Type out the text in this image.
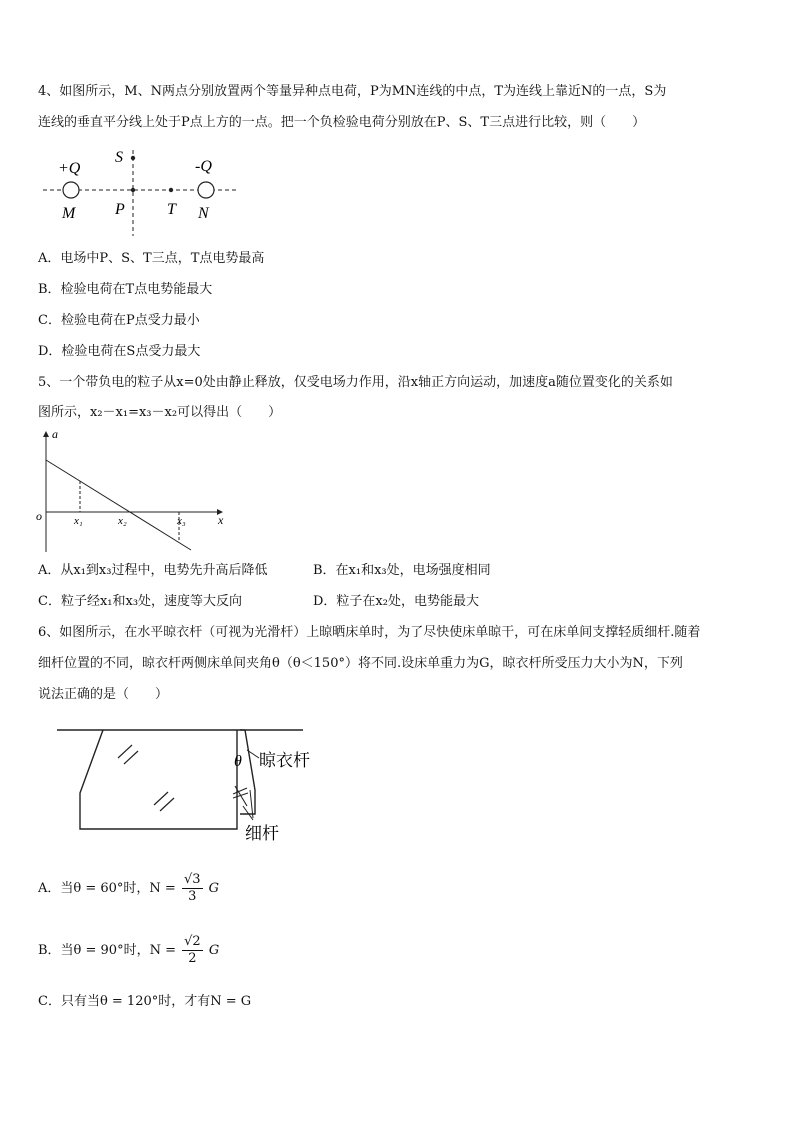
4、如图所示，M、N两点分别放置两个等量异种点电荷，P为MN连线的中点，T为连线上靠近N的一点，S为
连线的垂直平分线上处于P点上方的一点。把一个负检验电荷分别放在P、S、T三点进行比较，则（　　）
+Q	-Q
S
M P	T N
A．电场中P、S、T三点，T点电势最高
B．检验电荷在T点电势能最大
C．检验电荷在P点受力最小
D．检验电荷在S点受力最大
5、一个带负电的粒子从x=0处由静止释放，仅受电场力作用，沿x轴正方向运动，加速度a随位置变化的关系如
图所示，x₂－x₁=x₃－x₂可以得出（　　）
a
o	x
x₁	x₂	x₃
A．从x₁到x₃过程中，电势先升高后降低	B．在x₁和x₃处，电场强度相同
C．粒子经x₁和x₃处，速度等大反向	D．粒子在x₂处，电势能最大
6、如图所示，在水平晾衣杆（可视为光滑杆）上晾晒床单时，为了尽快使床单晾干，可在床单间支撑轻质细杆.随着
细杆位置的不同，晾衣杆两侧床单间夹角θ（θ＜150°）将不同.设床单重力为G，晾衣杆所受压力大小为N，下列
说法正确的是（　　）
θ 晾衣杆
细杆
A．当θ = 60°时，$N = \frac{√3}{3}$ G
B．当θ = 90°时，$N = \frac{√2}{2}$ G
C．只有当θ = 120°时，才有N = G
